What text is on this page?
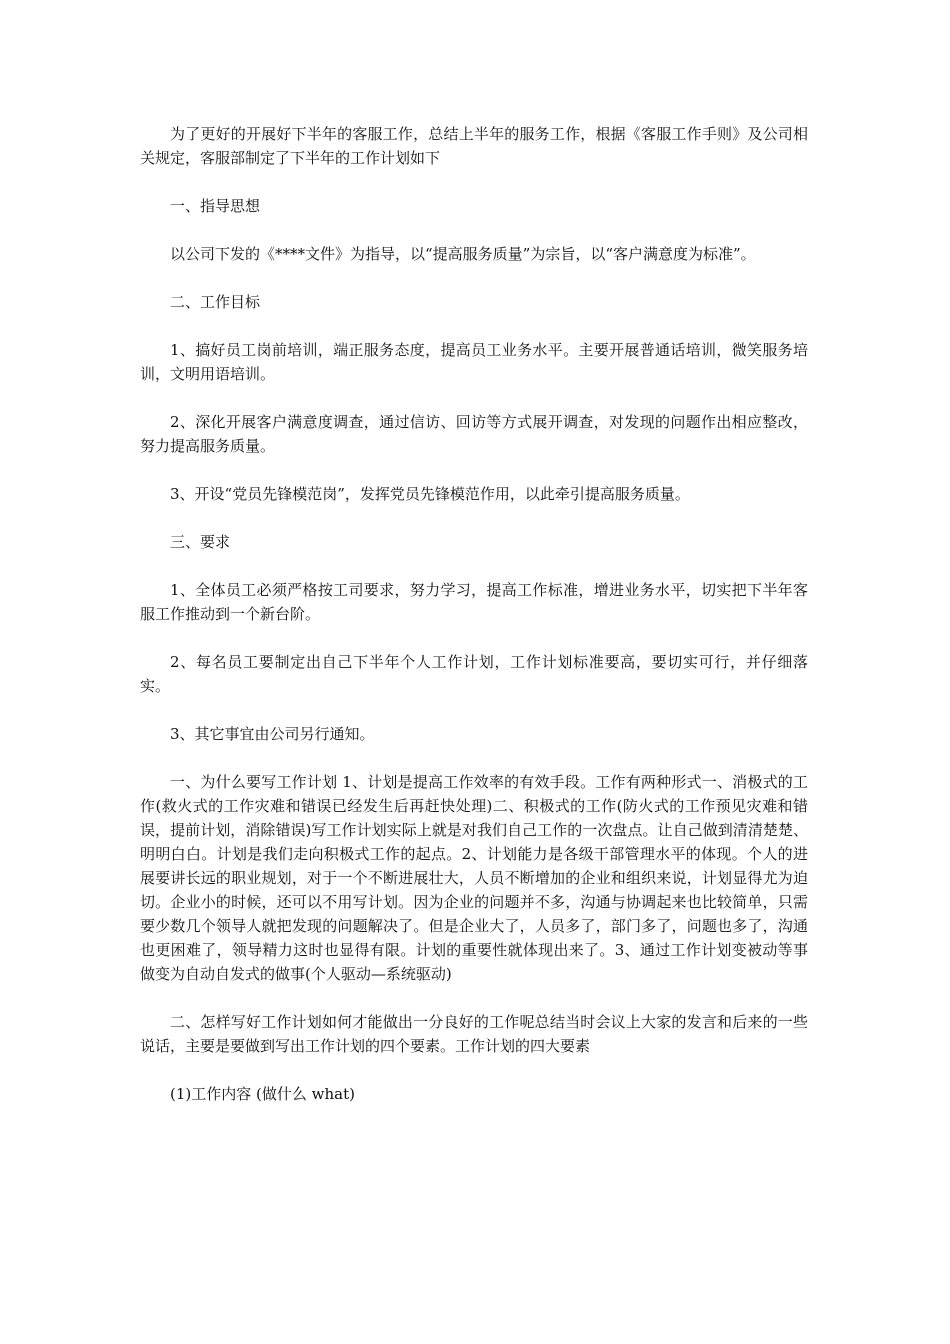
为了更好的开展好下半年的客服工作，总结上半年的服务工作，根据《客服工作手则》及公司相关规定，客服部制定了下半年的工作计划如下

一、指导思想

以公司下发的《****文件》为指导，以“提高服务质量”为宗旨，以“客户满意度为标准”。

二、工作目标

1、搞好员工岗前培训，端正服务态度，提高员工业务水平。主要开展普通话培训，微笑服务培训，文明用语培训。

2、深化开展客户满意度调查，通过信访、回访等方式展开调查，对发现的问题作出相应整改，努力提高服务质量。

3、开设“党员先锋模范岗”，发挥党员先锋模范作用，以此牵引提高服务质量。

三、要求

1、全体员工必须严格按工司要求，努力学习，提高工作标准，增进业务水平，切实把下半年客服工作推动到一个新台阶。

2、每名员工要制定出自己下半年个人工作计划，工作计划标准要高，要切实可行，并仔细落实。

3、其它事宜由公司另行通知。

一、为什么要写工作计划 1、计划是提高工作效率的有效手段。工作有两种形式一、消极式的工作(救火式的工作灾难和错误已经发生后再赶快处理)二、积极式的工作(防火式的工作预见灾难和错误，提前计划，消除错误)写工作计划实际上就是对我们自己工作的一次盘点。让自己做到清清楚楚、明明白白。计划是我们走向积极式工作的起点。2、计划能力是各级干部管理水平的体现。个人的进展要讲长远的职业规划，对于一个不断进展壮大，人员不断增加的企业和组织来说，计划显得尤为迫切。企业小的时候，还可以不用写计划。因为企业的问题并不多，沟通与协调起来也比较简单，只需要少数几个领导人就把发现的问题解决了。但是企业大了，人员多了，部门多了，问题也多了，沟通也更困难了，领导精力这时也显得有限。计划的重要性就体现出来了。3、通过工作计划变被动等事做变为自动自发式的做事(个人驱动—系统驱动)

二、怎样写好工作计划如何才能做出一分良好的工作呢总结当时会议上大家的发言和后来的一些说话，主要是要做到写出工作计划的四个要素。工作计划的四大要素

(1)工作内容 (做什么 what)
